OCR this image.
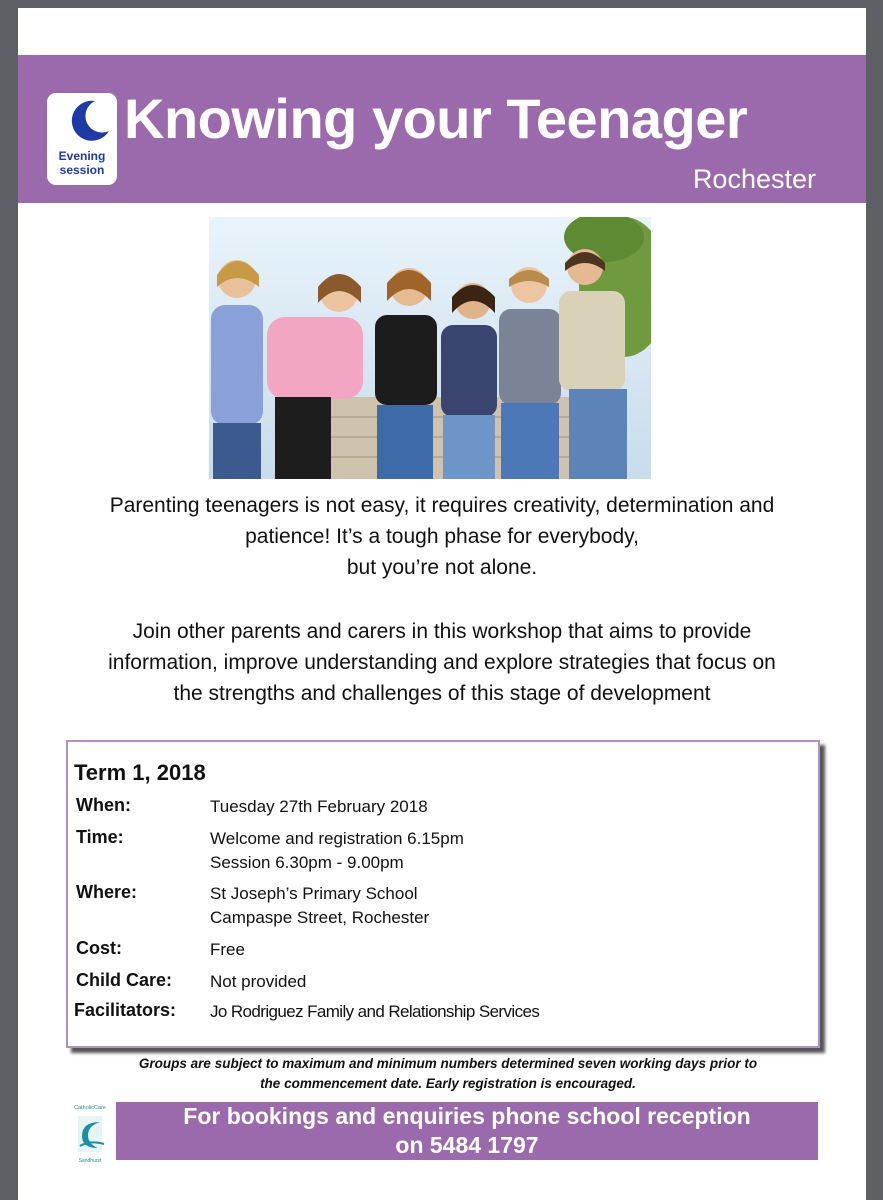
Evening
session
Knowing your Teenager
Rochester

Parenting teenagers is not easy, it requires creativity, determination and
patience! It’s a tough phase for everybody,
but you’re not alone.

Join other parents and carers in this workshop that aims to provide
information, improve understanding and explore strategies that focus on
the strengths and challenges of this stage of development

Term 1, 2018
When:	Tuesday 27th February 2018
Time:	Welcome and registration 6.15pm
Session 6.30pm - 9.00pm
Where:	St Joseph’s Primary School
Campaspe Street, Rochester
Cost:	Free
Child Care: Not provided
Facilitators: Jo Rodriguez Family and Relationship Services
Groups are subject to maximum and minimum numbers determined seven working days prior to
the commencement date. Early registration is encouraged.
CatholicCare
Sandhurst
For bookings and enquiries phone school reception
on 5484 1797
